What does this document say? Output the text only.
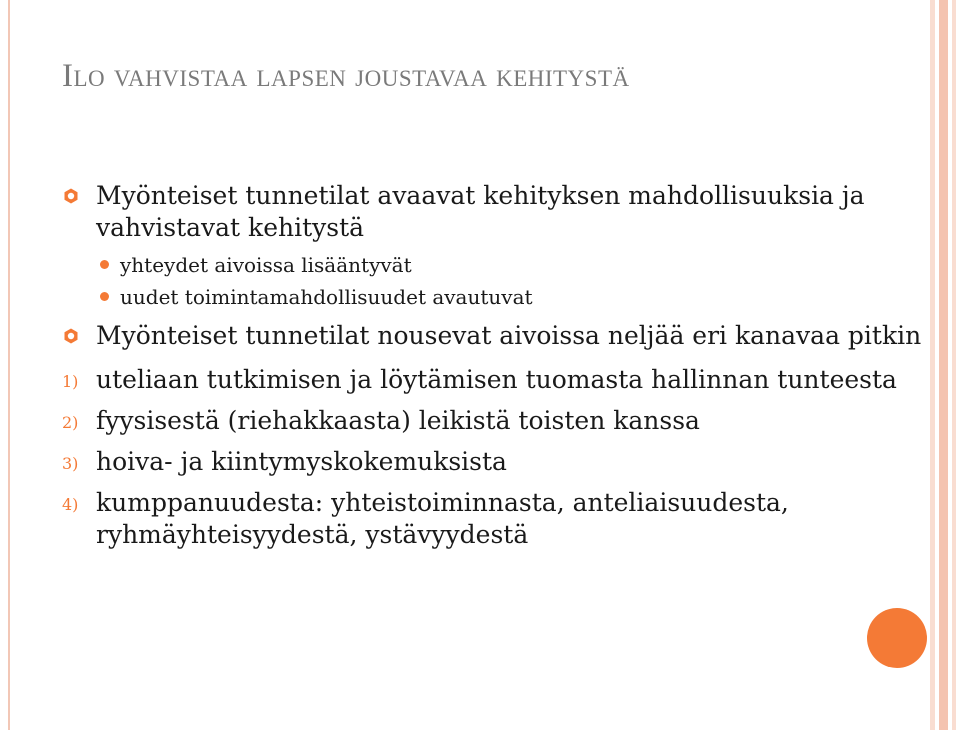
Ilo vahvistaa lapsen joustavaa kehitystä
Myönteiset tunnetilat avaavat kehityksen mahdollisuuksia ja vahvistavat kehitystä
yhteydet aivoissa lisääntyvät
uudet toimintamahdollisuudet avautuvat
Myönteiset tunnetilat nousevat aivoissa neljää eri kanavaa pitkin
1) uteliaan tutkimisen ja löytämisen tuomasta hallinnan tunteesta
2) fyysisestä (riehakkaasta) leikistä toisten kanssa
3) hoiva- ja kiintymyskokemuksista
4) kumppanuudesta: yhteistoiminnasta, anteliaisuudesta, ryhmäyhteisyydestä, ystävyydestä
